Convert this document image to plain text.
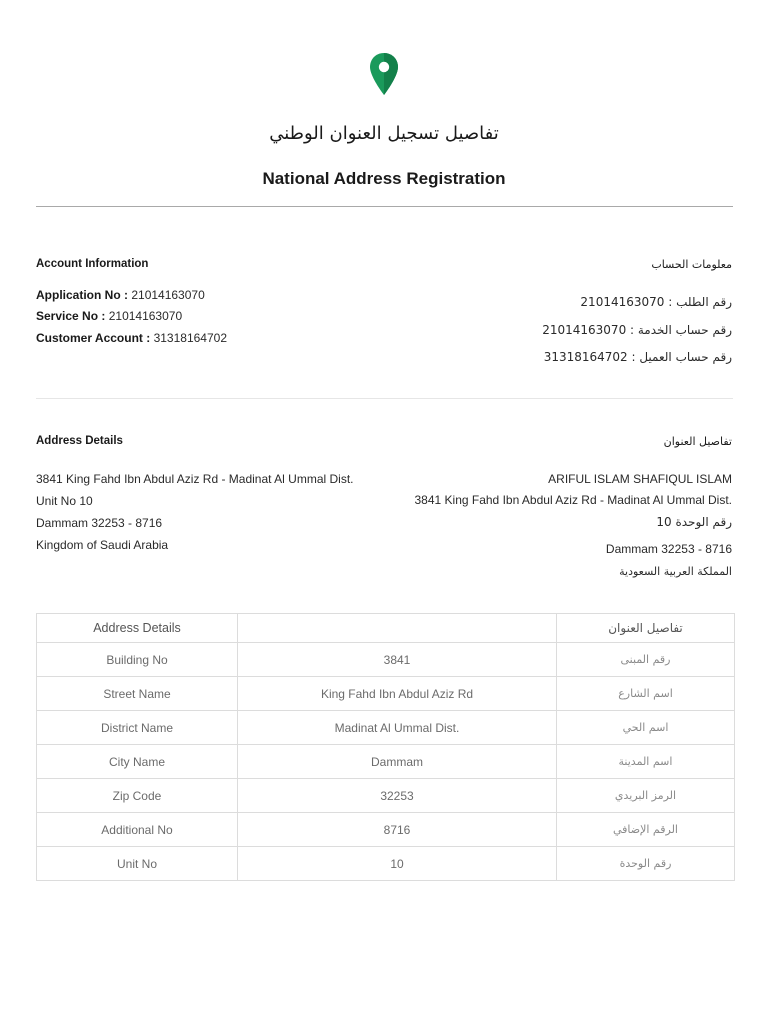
تفاصيل تسجيل العنوان الوطني
National Address Registration
Account Information	معلومات الحساب
Application No : 21014163070
Service No : 21014163070
Customer Account : 31318164702
رقم الطلب : 21014163070
رقم حساب الخدمة : 21014163070
رقم حساب العميل : 31318164702
Address Details	تفاصيل العنوان
3841 King Fahd Ibn Abdul Aziz Rd - Madinat Al Ummal Dist.
Unit No 10
Dammam 32253 - 8716
Kingdom of Saudi Arabia
ARIFUL ISLAM SHAFIQUL ISLAM
3841 King Fahd Ibn Abdul Aziz Rd - Madinat Al Ummal Dist.
رقم الوحدة 10
Dammam 32253 - 8716
المملكة العربية السعودية
Address Details		تفاصيل العنوان
Building No	3841	رقم المبنى
Street Name	King Fahd Ibn Abdul Aziz Rd	اسم الشارع
District Name	Madinat Al Ummal Dist.	اسم الحي
City Name	Dammam	اسم المدينة
Zip Code	32253	الرمز البريدي
Additional No	8716	الرقم الإضافي
Unit No	10	رقم الوحدة
